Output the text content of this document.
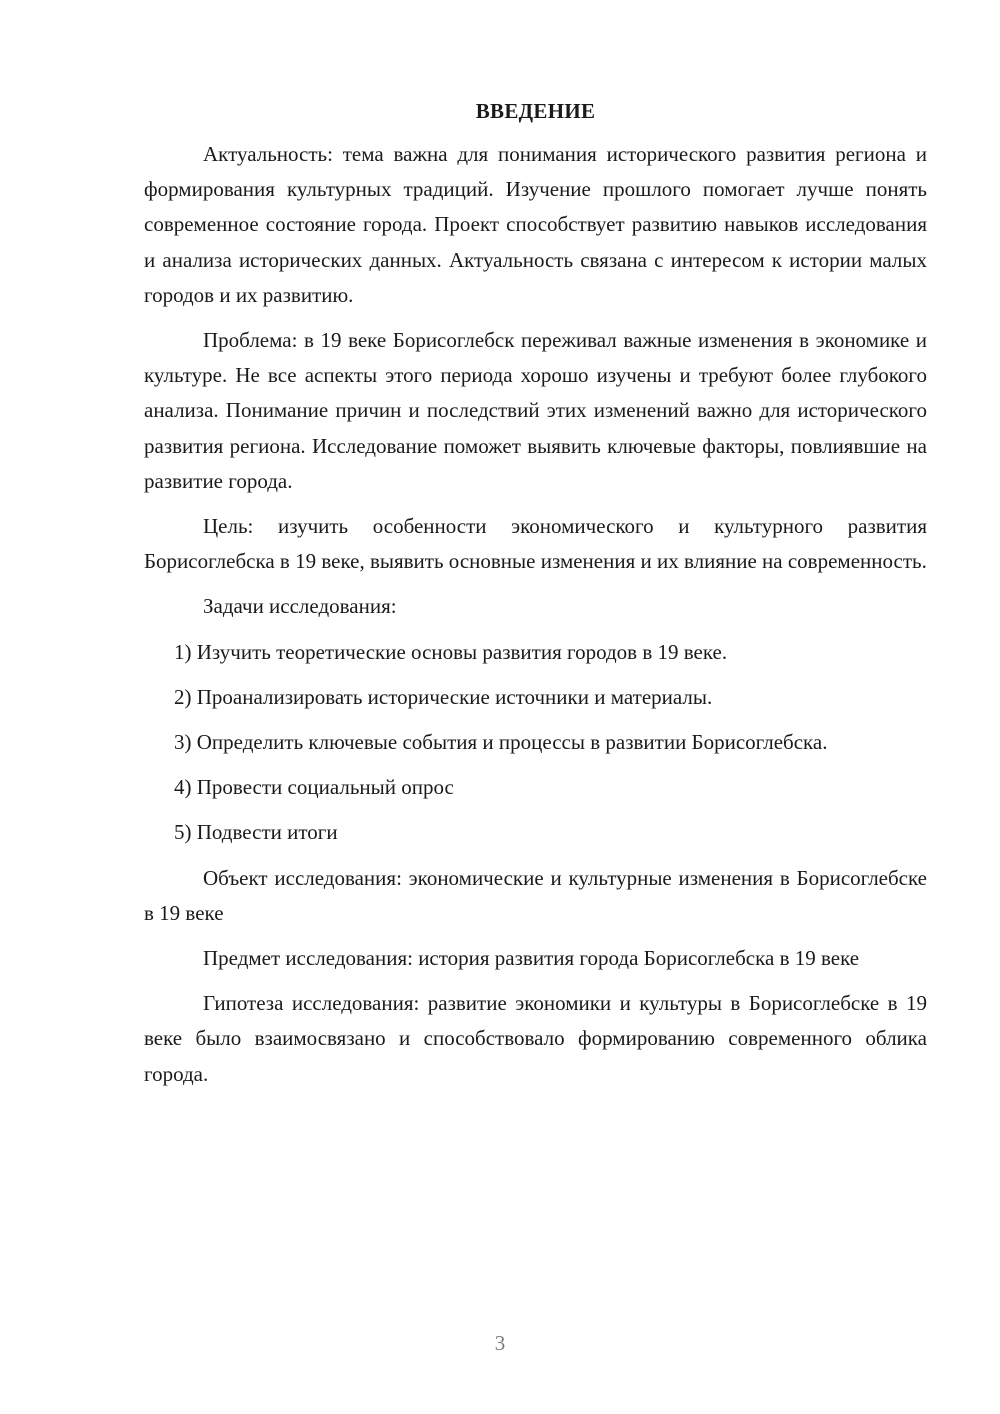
ВВЕДЕНИЕ

Актуальность: тема важна для понимания исторического развития региона и формирования культурных традиций. Изучение прошлого помогает лучше понять современное состояние города. Проект способствует развитию навыков исследования и анализа исторических данных. Актуальность связана с интересом к истории малых городов и их развитию.

Проблема: в 19 веке Борисоглебск переживал важные изменения в экономике и культуре. Не все аспекты этого периода хорошо изучены и требуют более глубокого анализа. Понимание причин и последствий этих изменений важно для исторического развития региона. Исследование поможет выявить ключевые факторы, повлиявшие на развитие города.

Цель: изучить особенности экономического и культурного развития Борисоглебска в 19 веке, выявить основные изменения и их влияние на современность.

Задачи исследования:

1) Изучить теоретические основы развития городов в 19 веке.

2) Проанализировать исторические источники и материалы.

3) Определить ключевые события и процессы в развитии Борисоглебска.

4) Провести социальный опрос

5) Подвести итоги

Объект исследования: экономические и культурные изменения в Борисоглебске в 19 веке

Предмет исследования: история развития города Борисоглебска в 19 веке

Гипотеза исследования: развитие экономики и культуры в Борисоглебске в 19 веке было взаимосвязано и способствовало формированию современного облика города.

3
